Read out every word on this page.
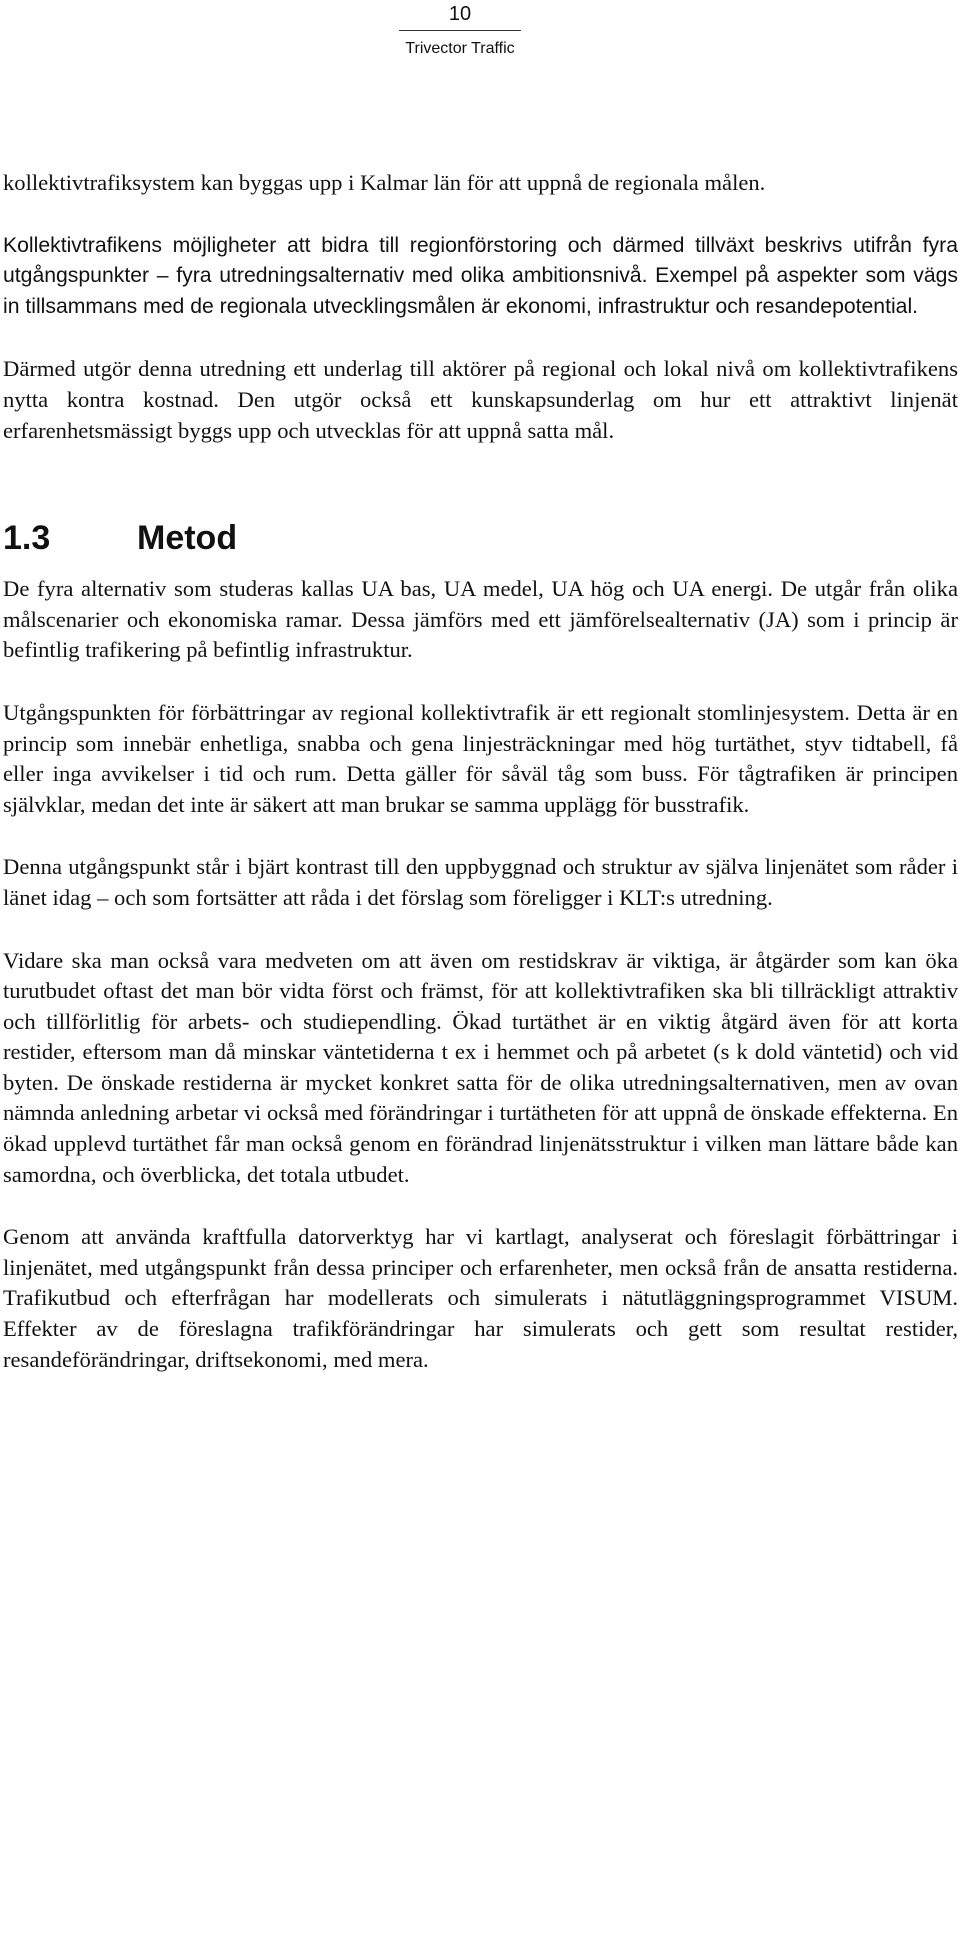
10
Trivector Traffic

kollektivtrafiksystem kan byggas upp i Kalmar län för att uppnå de regionala målen.

Kollektivtrafikens möjligheter att bidra till regionförstoring och därmed tillväxt beskrivs utifrån fyra utgångspunkter – fyra utredningsalternativ med olika ambitionsnivå. Exempel på aspekter som vägs in tillsammans med de regionala utvecklingsmålen är ekonomi, infrastruktur och resandepotential.

Därmed utgör denna utredning ett underlag till aktörer på regional och lokal nivå om kollektivtrafikens nytta kontra kostnad. Den utgör också ett kunskapsunderlag om hur ett attraktivt linjenät erfarenhetsmässigt byggs upp och utvecklas för att uppnå satta mål.

1.3	Metod

De fyra alternativ som studeras kallas UA bas, UA medel, UA hög och UA energi. De utgår från olika målscenarier och ekonomiska ramar. Dessa jämförs med ett jämförelsealternativ (JA) som i princip är befintlig trafikering på befintlig infrastruktur.

Utgångspunkten för förbättringar av regional kollektivtrafik är ett regionalt stomlinjesystem. Detta är en princip som innebär enhetliga, snabba och gena linjesträckningar med hög turtäthet, styv tidtabell, få eller inga avvikelser i tid och rum. Detta gäller för såväl tåg som buss. För tågtrafiken är principen självklar, medan det inte är säkert att man brukar se samma upplägg för busstrafik.

Denna utgångspunkt står i bjärt kontrast till den uppbyggnad och struktur av själva linjenätet som råder i länet idag – och som fortsätter att råda i det förslag som föreligger i KLT:s utredning.

Vidare ska man också vara medveten om att även om restidskrav är viktiga, är åtgärder som kan öka turutbudet oftast det man bör vidta först och främst, för att kollektivtrafiken ska bli tillräckligt attraktiv och tillförlitlig för arbets- och studiependling. Ökad turtäthet är en viktig åtgärd även för att korta restider, eftersom man då minskar väntetiderna t ex i hemmet och på arbetet (s k dold väntetid) och vid byten. De önskade restiderna är mycket konkret satta för de olika utredningsalternativen, men av ovan nämnda anledning arbetar vi också med förändringar i turtätheten för att uppnå de önskade effekterna. En ökad upplevd turtäthet får man också genom en förändrad linjenätsstruktur i vilken man lättare både kan samordna, och överblicka, det totala utbudet.

Genom att använda kraftfulla datorverktyg har vi kartlagt, analyserat och föreslagit förbättringar i linjenätet, med utgångspunkt från dessa principer och erfarenheter, men också från de ansatta restiderna. Trafikutbud och efterfrågan har modellerats och simulerats i nätutläggningsprogrammet VISUM. Effekter av de föreslagna trafikförändringar har simulerats och gett som resultat restider, resandeförändringar, driftsekonomi, med mera.
